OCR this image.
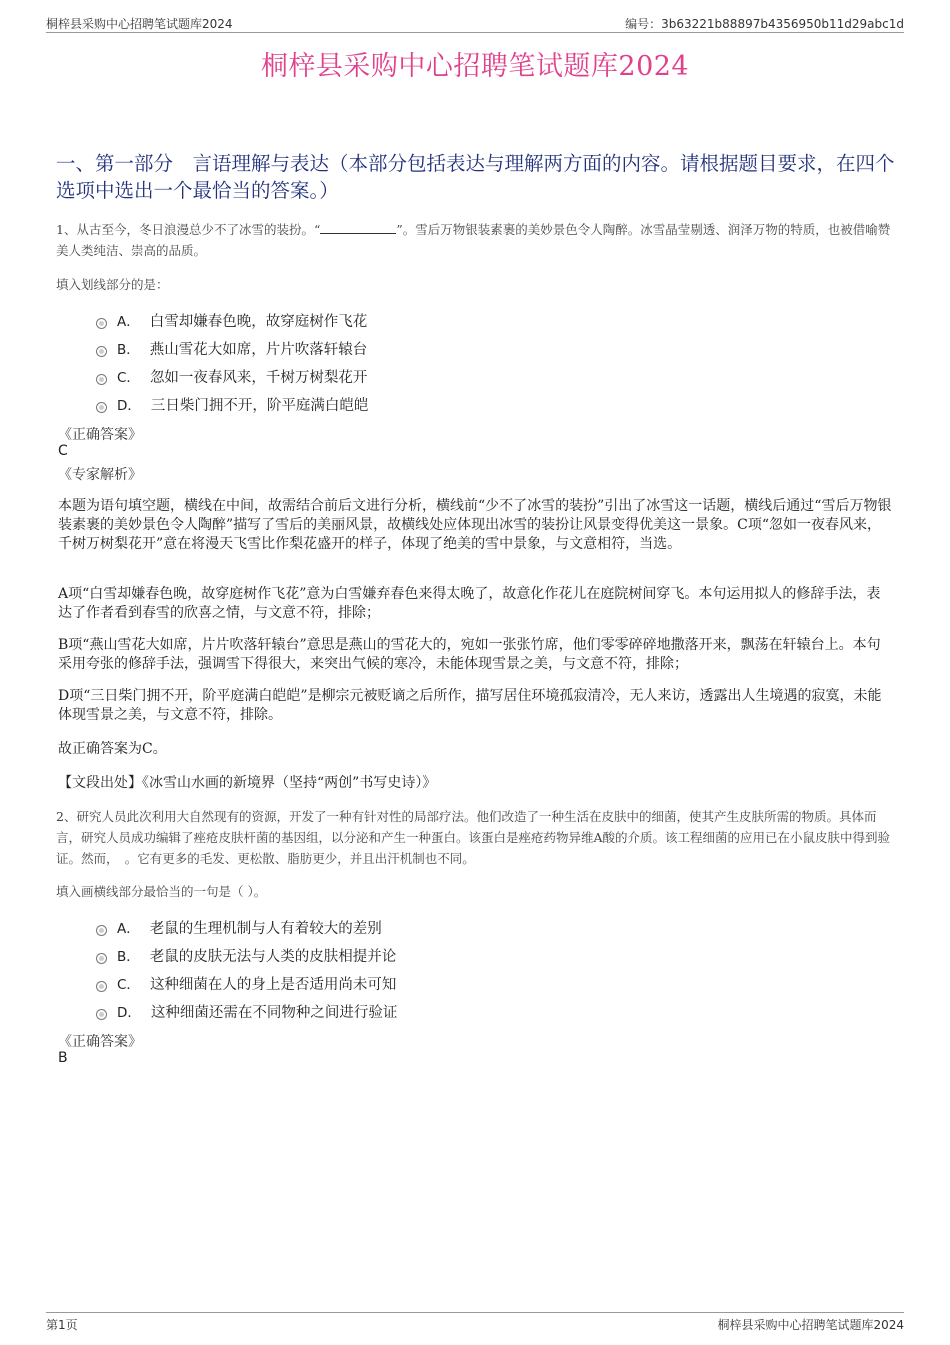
桐梓县采购中心招聘笔试题库2024	编号：3b63221b88897b4356950b11d29abc1d
桐梓县采购中心招聘笔试题库2024
一、第一部分　言语理解与表达（本部分包括表达与理解两方面的内容。请根据题目要求，在四个选项中选出一个最恰当的答案。）
1、从古至今，冬日浪漫总少不了冰雪的装扮。“	”。雪后万物银装素裹的美妙景色令人陶醉。冰雪晶莹剔透、润泽万物的特质，也被借喻赞美人类纯洁、崇高的品质。
填入划线部分的是：
A． 白雪却嫌春色晚，故穿庭树作飞花
B． 燕山雪花大如席，片片吹落轩辕台
C． 忽如一夜春风来，千树万树梨花开
D． 三日柴门拥不开，阶平庭满白皑皑
《正确答案》
C
《专家解析》

本题为语句填空题，横线在中间，故需结合前后文进行分析，横线前“少不了冰雪的装扮”引出了冰雪这一话题，横线后通过“雪后万物银装素裹的美妙景色令人陶醉”描写了雪后的美丽风景，故横线处应体现出冰雪的装扮让风景变得优美这一景象。C项“忽如一夜春风来，千树万树梨花开”意在将漫天飞雪比作梨花盛开的样子，体现了绝美的雪中景象，与文意相符，当选。

A项“白雪却嫌春色晚，故穿庭树作飞花”意为白雪嫌弃春色来得太晚了，故意化作花儿在庭院树间穿飞。本句运用拟人的修辞手法，表达了作者看到春雪的欣喜之情，与文意不符，排除；

B项“燕山雪花大如席，片片吹落轩辕台”意思是燕山的雪花大的，宛如一张张竹席，他们零零碎碎地撒落开来，飘荡在轩辕台上。本句采用夸张的修辞手法，强调雪下得很大，来突出气候的寒冷，未能体现雪景之美，与文意不符，排除；

D项“三日柴门拥不开，阶平庭满白皑皑”是柳宗元被贬谪之后所作，描写居住环境孤寂清冷，无人来访，透露出人生境遇的寂寞，未能体现雪景之美，与文意不符，排除。

故正确答案为C。

【文段出处】《冰雪山水画的新境界（坚持“两创”书写史诗）》

2、研究人员此次利用大自然现有的资源，开发了一种有针对性的局部疗法。他们改造了一种生活在皮肤中的细菌，使其产生皮肤所需的物质。具体而言，研究人员成功编辑了痤疮皮肤杆菌的基因组，以分泌和产生一种蛋白。该蛋白是痤疮药物异维A酸的介质。该工程细菌的应用已在小鼠皮肤中得到验证。然而，　。它有更多的毛发、更松散、脂肪更少，并且出汗机制也不同。
填入画横线部分最恰当的一句是（ ）。
A． 老鼠的生理机制与人有着较大的差别
B． 老鼠的皮肤无法与人类的皮肤相提并论
C． 这种细菌在人的身上是否适用尚未可知
D． 这种细菌还需在不同物种之间进行验证
《正确答案》
B
第1页	桐梓县采购中心招聘笔试题库2024
